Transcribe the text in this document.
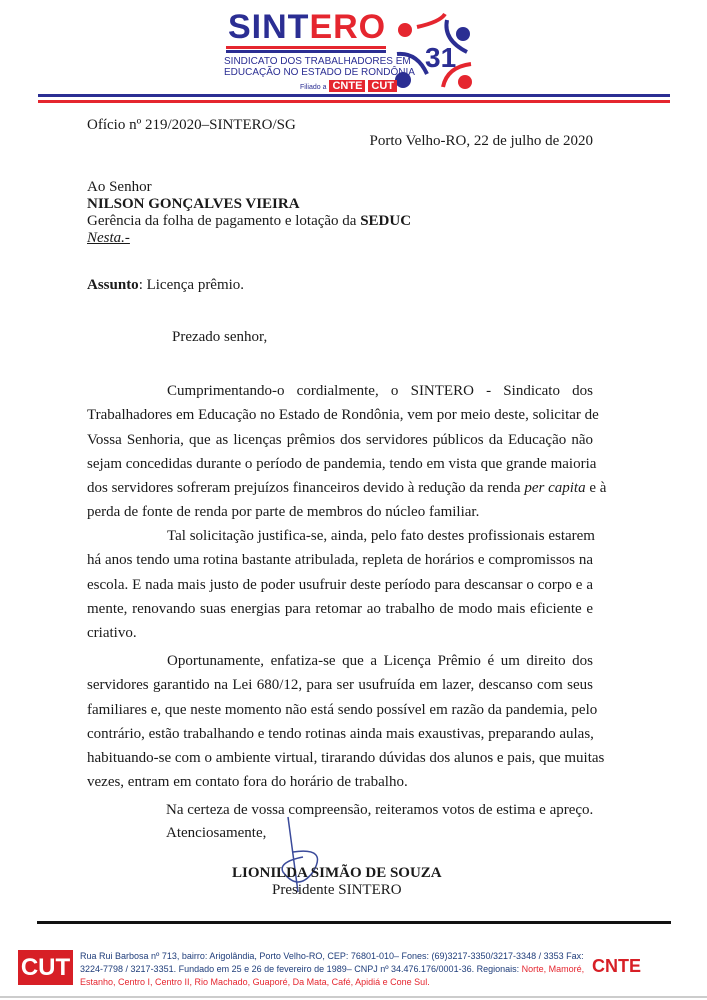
SINTERO
31
SINDICATO DOS TRABALHADORES EM
EDUCAÇÃO NO ESTADO DE RONDÔNIA
Filiado a CNTE CUT
Ofício nº 219/2020–SINTERO/SG
Porto Velho-RO, 22 de julho de 2020
Ao Senhor
NILSON GONÇALVES VIEIRA
Gerência da folha de pagamento e lotação da SEDUC
Nesta.-
Assunto: Licença prêmio.
Prezado senhor,
Cumprimentando-o cordialmente, o SINTERO - Sindicato dos
Trabalhadores em Educação no Estado de Rondônia, vem por meio deste, solicitar de
Vossa Senhoria, que as licenças prêmios dos servidores públicos da Educação não
sejam concedidas durante o período de pandemia, tendo em vista que grande maioria
dos servidores sofreram prejuízos financeiros devido à redução da renda per capita e à
perda de fonte de renda por parte de membros do núcleo familiar.
Tal solicitação justifica-se, ainda, pelo fato destes profissionais estarem
há anos tendo uma rotina bastante atribulada, repleta de horários e compromissos na
escola. E nada mais justo de poder usufruir deste período para descansar o corpo e a
mente, renovando suas energias para retomar ao trabalho de modo mais eficiente e
criativo.
Oportunamente, enfatiza-se que a Licença Prêmio é um direito dos
servidores garantido na Lei 680/12, para ser usufruída em lazer, descanso com seus
familiares e, que neste momento não está sendo possível em razão da pandemia, pelo
contrário, estão trabalhando e tendo rotinas ainda mais exaustivas, preparando aulas,
habituando-se com o ambiente virtual, tirarando dúvidas dos alunos e pais, que muitas
vezes, entram em contato fora do horário de trabalho.
Na certeza de vossa compreensão, reiteramos votos de estima e apreço.
Atenciosamente,
LIONILDA SIMÃO DE SOUZA
Presidente SINTERO
CUT	Rua Rui Barbosa nº 713, bairro: Arigolândia, Porto Velho-RO, CEP: 76801-010– Fones: (69)3217-3350/3217-3348 / 3353 Fax: 3224-7798 / 3217-3351. Fundado em 25 e 26 de fevereiro de 1989– CNPJ nº 34.476.176/0001-36. Regionais: Norte, Mamoré, Estanho, Centro I, Centro II, Rio Machado, Guaporé, Da Mata, Café, Apidiá e Cone Sul.
CNTE
